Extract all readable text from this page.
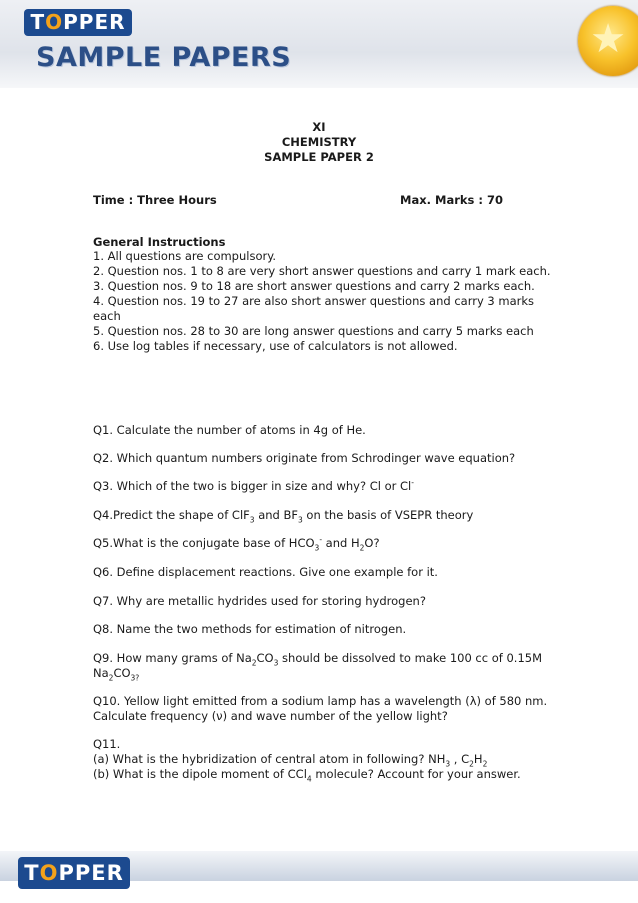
TOPPER
SAMPLE PAPERS	★
XI
CHEMISTRY
SAMPLE PAPER 2
Time : Three Hours	Max. Marks : 70
General Instructions
1. All questions are compulsory.
2. Question nos. 1 to 8 are very short answer questions and carry 1 mark each.
3. Question nos. 9 to 18 are short answer questions and carry 2 marks each.
4. Question nos. 19 to 27 are also short answer questions and carry 3 marks each
5. Question nos. 28 to 30 are long answer questions and carry 5 marks each
6. Use log tables if necessary, use of calculators is not allowed.
Q1. Calculate the number of atoms in 4g of He.
Q2. Which quantum numbers originate from Schrodinger wave equation?
Q3. Which of the two is bigger in size and why? Cl or Cl-
Q4.Predict the shape of ClF$_3$ and $BF_3$ on the basis of VSEPR theory
Q5.What is the conjugate base of $HCO_3^-$ and $H_2O$?
Q6. Define displacement reactions. Give one example for it.
Q7. Why are metallic hydrides used for storing hydrogen?
Q8. Name the two methods for estimation of nitrogen.
Q9. How many grams of $Na_2CO_3$ should be dissolved to make 100 cc of 0.15M $Na_2CO_{3?}$
Q10. Yellow light emitted from a sodium lamp has a wavelength (λ) of 580 nm. Calculate frequency (ν) and wave number of the yellow light?
Q11.
(a) What is the hybridization of central atom in following? $NH_3$ , $C_2H_2$
(b) What is the dipole moment of CCl$_4$ molecule? Account for your answer.
TOPPER
